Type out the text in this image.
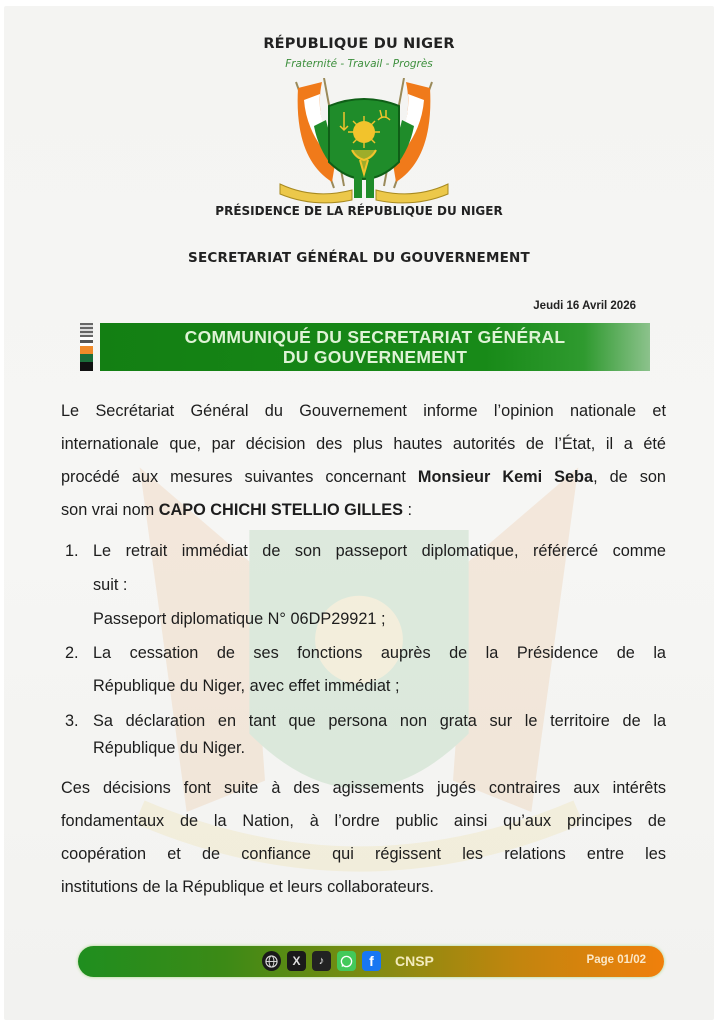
RÉPUBLIQUE DU NIGER
Fraternité - Travail - Progrès
PRÉSIDENCE DE LA RÉPUBLIQUE DU NIGER
SECRETARIAT GÉNÉRAL DU GOUVERNEMENT
Jeudi 16 Avril 2026
COMMUNIQUÉ DU SECRETARIAT GÉNÉRAL
DU GOUVERNEMENT
Le Secrétariat Général du Gouvernement informe l’opinion nationale et
internationale que, par décision des plus hautes autorités de l’État, il a été
procédé aux mesures suivantes concernant Monsieur Kemi Seba, de son
son vrai nom CAPO CHICHI STELLIO GILLES :
1. Le retrait immédiat de son passeport diplomatique, référercé comme
suit :
Passeport diplomatique N° 06DP29921 ;
2. La cessation de ses fonctions auprès de la Présidence de la
République du Niger, avec effet immédiat ;
3. Sa déclaration en tant que persona non grata sur le territoire de la
République du Niger.
Ces décisions font suite à des agissements jugés contraires aux intérêts
fondamentaux de la Nation, à l’ordre public ainsi qu’aux principes de
coopération et de confiance qui régissent les relations entre les
institutions de la République et leurs collaborateurs.
X	♪	f	CNSP	Page 01/02
